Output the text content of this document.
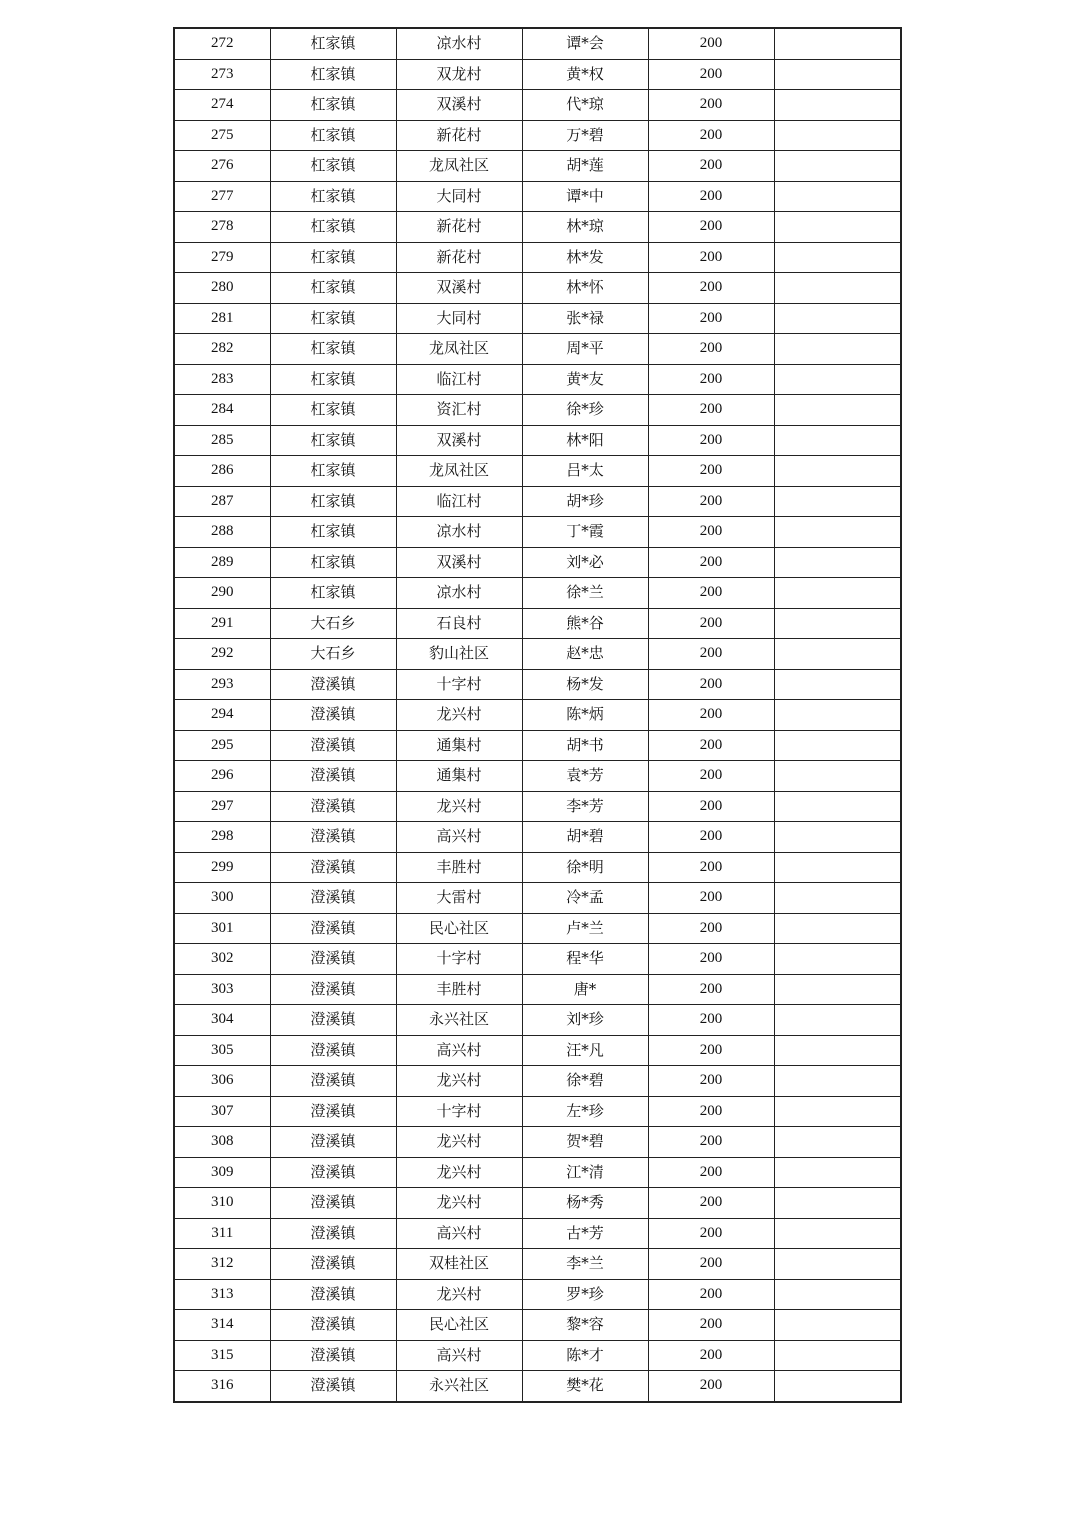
272	杠家镇	凉水村	谭*会	200	
273	杠家镇	双龙村	黄*权	200	
274	杠家镇	双溪村	代*琼	200	
275	杠家镇	新花村	万*碧	200	
276	杠家镇	龙凤社区	胡*莲	200	
277	杠家镇	大同村	谭*中	200	
278	杠家镇	新花村	林*琼	200	
279	杠家镇	新花村	林*发	200	
280	杠家镇	双溪村	林*怀	200	
281	杠家镇	大同村	张*禄	200	
282	杠家镇	龙凤社区	周*平	200	
283	杠家镇	临江村	黄*友	200	
284	杠家镇	资汇村	徐*珍	200	
285	杠家镇	双溪村	林*阳	200	
286	杠家镇	龙凤社区	吕*太	200	
287	杠家镇	临江村	胡*珍	200	
288	杠家镇	凉水村	丁*霞	200	
289	杠家镇	双溪村	刘*必	200	
290	杠家镇	凉水村	徐*兰	200	
291	大石乡	石良村	熊*谷	200	
292	大石乡	豹山社区	赵*忠	200	
293	澄溪镇	十字村	杨*发	200	
294	澄溪镇	龙兴村	陈*炳	200	
295	澄溪镇	通集村	胡*书	200	
296	澄溪镇	通集村	袁*芳	200	
297	澄溪镇	龙兴村	李*芳	200	
298	澄溪镇	高兴村	胡*碧	200	
299	澄溪镇	丰胜村	徐*明	200	
300	澄溪镇	大雷村	冷*孟	200	
301	澄溪镇	民心社区	卢*兰	200	
302	澄溪镇	十字村	程*华	200	
303	澄溪镇	丰胜村	唐*	200	
304	澄溪镇	永兴社区	刘*珍	200	
305	澄溪镇	高兴村	汪*凡	200	
306	澄溪镇	龙兴村	徐*碧	200	
307	澄溪镇	十字村	左*珍	200	
308	澄溪镇	龙兴村	贺*碧	200	
309	澄溪镇	龙兴村	江*清	200	
310	澄溪镇	龙兴村	杨*秀	200	
311	澄溪镇	高兴村	古*芳	200	
312	澄溪镇	双桂社区	李*兰	200	
313	澄溪镇	龙兴村	罗*珍	200	
314	澄溪镇	民心社区	黎*容	200	
315	澄溪镇	高兴村	陈*才	200	
316	澄溪镇	永兴社区	樊*花	200	
